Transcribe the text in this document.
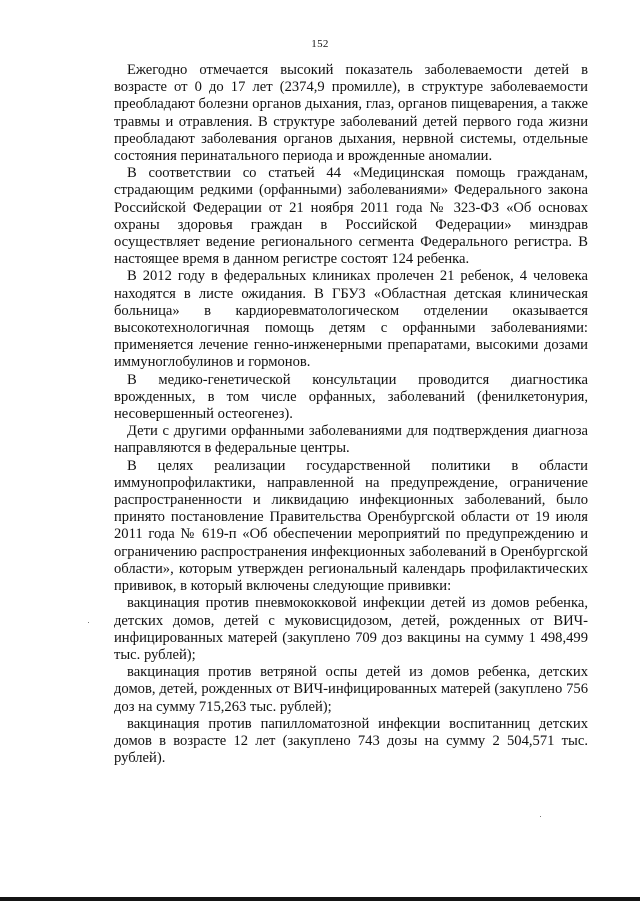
152

Ежегодно отмечается высокий показатель заболеваемости детей в возрасте от 0 до 17 лет (2374,9 промилле), в структуре заболеваемости преобладают болезни органов дыхания, глаз, органов пищеварения, а также травмы и отравления. В структуре заболеваний детей первого года жизни преобладают заболевания органов дыхания, нервной системы, отдельные состояния перинатального периода и врожденные аномалии.

В соответствии со статьей 44 «Медицинская помощь гражданам, страдающим редкими (орфанными) заболеваниями» Федерального закона Российской Федерации от 21 ноября 2011 года № 323-ФЗ «Об основах охраны здоровья граждан в Российской Федерации» минздрав осуществляет ведение регионального сегмента Федерального регистра. В настоящее время в данном регистре состоят 124 ребенка.

В 2012 году в федеральных клиниках пролечен 21 ребенок, 4 человека находятся в листе ожидания. В ГБУЗ «Областная детская клиническая больница» в кардиоревматологическом отделении оказывается высокотехнологичная помощь детям с орфанными заболеваниями: применяется лечение генно-инженерными препаратами, высокими дозами иммуноглобулинов и гормонов.

В медико-генетической консультации проводится диагностика врожденных, в том числе орфанных, заболеваний (фенилкетонурия, несовершенный остеогенез).

Дети с другими орфанными заболеваниями для подтверждения диагноза направляются в федеральные центры.

В целях реализации государственной политики в области иммунопрофилактики, направленной на предупреждение, ограничение распространенности и ликвидацию инфекционных заболеваний, было принято постановление Правительства Оренбургской области от 19 июля 2011 года № 619-п «Об обеспечении мероприятий по предупреждению и ограничению распространения инфекционных заболеваний в Оренбургской области», которым утвержден региональный календарь профилактических прививок, в который включены следующие прививки:

вакцинация против пневмококковой инфекции детей из домов ребенка, детских домов, детей с муковисцидозом, детей, рожденных от ВИЧ-инфицированных матерей (закуплено 709 доз вакцины на сумму 1 498,499 тыс. рублей);

вакцинация против ветряной оспы детей из домов ребенка, детских домов, детей, рожденных от ВИЧ-инфицированных матерей (закуплено 756 доз на сумму 715,263 тыс. рублей);

вакцинация против папилломатозной инфекции воспитанниц детских домов в возрасте 12 лет (закуплено 743 дозы на сумму 2 504,571 тыс. рублей).
